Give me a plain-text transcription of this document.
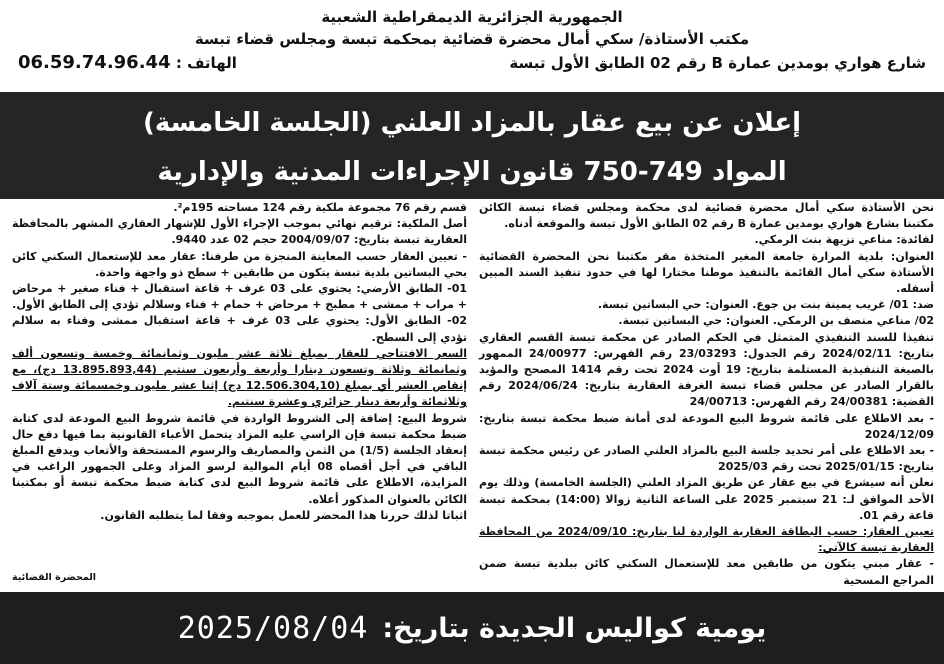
الجمهورية الجزائرية الديمقراطية الشعبية
مكتب الأستاذة/ سكي أمال محضرة قضائية بمحكمة تبسة ومجلس قضاء تبسة
شارع هواري بومدين عمارة B رقم 02 الطابق الأول تبسة
الهاتف : 06.59.74.96.44
إعلان عن بيع عقار بالمزاد العلني (الجلسة الخامسة)
المواد 749-750 قانون الإجراءات المدنية والإدارية

نحن الأستاذة سكي أمال محضرة قضائية لدى محكمة ومجلس قضاء تبسة الكائن مكتبنا بشارع هواري بومدين عمارة B رقم 02 الطابق الأول تبسة والموقعة أدناه.

لفائدة: مناعي نزيهة بنت الرمكي.

العنوان: بلدية المرارة جامعة المغير المتخذة مقر مكتبنا نحن المحضرة القضائية الأستاذة سكي أمال القائمة بالتنفيذ موطنا مختارا لها في حدود تنفيذ السند المبين أسفله.

ضد: 01/ غريب يمينة بنت بن جوع. العنوان: حي البساتين تبسة.

02/ مناعي منصف بن الرمكي. العنوان: حي البساتين تبسة.

تنفيذا للسند التنفيذي المتمثل في الحكم الصادر عن محكمة تبسة القسم العقاري بتاريخ: 2024/02/11 رقم الجدول: 23/03293 رقم الفهرس: 24/00977 الممهور بالصيغة التنفيذية المستلمة بتاريخ: 19 أوت 2024 تحت رقم 1414 المصحح والمؤيد بالقرار الصادر عن مجلس قضاء تبسة الغرفة العقارية بتاريخ: 2024/06/24 رقم القضية: 24/00381 رقم الفهرس: 24/00713

- بعد الاطلاع على قائمة شروط البيع المودعة لدى أمانة ضبط محكمة تبسة بتاريخ: 2024/12/09

- بعد الاطلاع على أمر تحديد جلسة البيع بالمزاد العلني الصادر عن رئيس محكمة تبسة بتاريخ: 2025/01/15 تحت رقم 2025/03

نعلن أنه سيشرع في بيع عقار عن طريق المزاد العلني (الجلسة الخامسة) وذلك يوم الأحد الموافق لـ: 21 سبتمبر 2025 على الساعة الثانية زوالا (14:00) بمحكمة تبسة قاعة رقم 01.

تعيين العقار: حسب البطاقة العقارية الواردة لنا بتاريخ: 2024/09/10 من المحافظة العقارية تبسة كالآتي:

- عقار مبني يتكون من طابقين معد للإستعمال السكني كائن ببلدية تبسة ضمن المراجع المسحية

قسم رقم 76 مجموعة ملكية رقم 124 مساحته 195م².

أصل الملكية: ترقيم نهائي بموجب الإجراء الأول للإشهار العقاري المشهر بالمحافظة العقارية تبسة بتاريخ: 2004/09/07 حجم 02 عدد 9440.

- تعيين العقار حسب المعاينة المنجزة من طرفنا: عقار معد للإستعمال السكني كائن بحي البساتين بلدية تبسة يتكون من طابقين + سطح ذو واجهة واحدة.

01- الطابق الأرضي: يحتوي على 03 غرف + قاعة استقبال + فناء صغير + مرحاض + مراب + ممشى + مطبخ + مرحاض + حمام + فناء وسلالم تؤدي إلى الطابق الأول.

02- الطابق الأول: يحتوي على 03 غرف + قاعة استقبال ممشى وفناء به سلالم تؤدي إلى السطح.

السعر الافتتاحي للعقار بمبلغ ثلاثة عشر مليون وثمانمائة وخمسة وتسعون ألف وثمانمائة وثلاثة وتسعون دينارا وأربعة وأربعون سنتيم (13.895.893,44 دج)، مع إنقاص العشر أي بمبلغ (12.506.304,10 دج) إثنا عشر مليون وخمسمائة وستة آلاف وثلاثمائة وأربعة دينار جزائري وعشرة سنتيم.

شروط البيع: إضافة إلى الشروط الواردة في قائمة شروط البيع المودعة لدى كتابة ضبط محكمة تبسة فإن الراسي عليه المزاد يتحمل الأعباء القانونية بما فيها دفع حال إنعقاد الجلسة (1/5) من الثمن والمصاريف والرسوم المستحقة والأتعاب ويدفع المبلغ الباقي في أجل أقصاه 08 أيام الموالية لرسو المزاد وعلى الجمهور الراغب في المزايدة، الاطلاع على قائمة شروط البيع لدى كتابة ضبط محكمة تبسة أو بمكتبنا الكائن بالعنوان المذكور أعلاه.

اثباتا لذلك حررنا هذا المحضر للعمل بموجبه وفقا لما يتطلبه القانون.

المحضرة القضائية
يومية كواليس الجديدة بتاريخ:
2025/08/04
